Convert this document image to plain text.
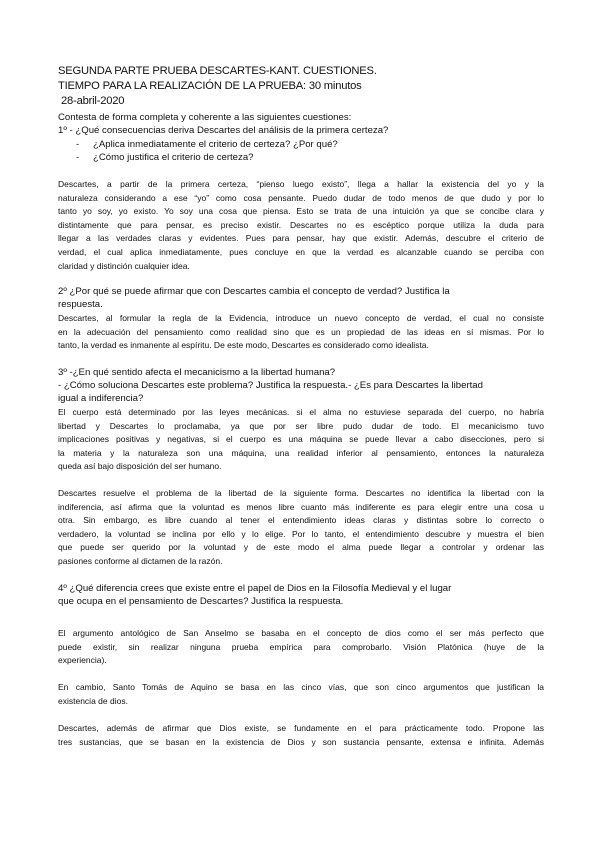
SEGUNDA PARTE PRUEBA DESCARTES-KANT. CUESTIONES.
TIEMPO PARA LA REALIZACIÓN DE LA PRUEBA: 30 minutos
28-abril-2020
Contesta de forma completa y coherente a las siguientes cuestiones:
1º - ¿Qué consecuencias deriva Descartes del análisis de la primera certeza?
- ¿Aplica inmediatamente el criterio de certeza? ¿Por qué?
- ¿Cómo justifica el criterio de certeza?
Descartes, a partir de la primera certeza, “pienso luego existo”, llega a hallar la existencia del yo y la
naturaleza considerando a ese “yo” como cosa pensante. Puedo dudar de todo menos de que dudo y por lo
tanto yo soy, yo existo. Yo soy una cosa que piensa. Esto se trata de una intuición ya que se concibe clara y
distintamente que para pensar, es preciso existir. Descartes no es escéptico porque utiliza la duda para
llegar a las verdades claras y evidentes. Pues para pensar, hay que existir. Además, descubre el criterio de
verdad, el cual aplica inmediatamente, pues concluye en que la verdad es alcanzable cuando se perciba con
claridad y distinción cualquier idea.
2º ¿Por qué se puede afirmar que con Descartes cambia el concepto de verdad? Justifica la
respuesta.
Descartes, al formular la regla de la Evidencia, introduce un nuevo concepto de verdad, el cual no consiste
en la adecuación del pensamiento como realidad sino que es un propiedad de las ideas en sí mismas. Por lo
tanto, la verdad es inmanente al espíritu. De este modo, Descartes es considerado como idealista.
3º -¿En qué sentido afecta el mecanicismo a la libertad humana?
- ¿Cómo soluciona Descartes este problema? Justifica la respuesta.- ¿Es para Descartes la libertad
igual a indiferencia?
El cuerpo está determinado por las leyes mecánicas. si el alma no estuviese separada del cuerpo, no habría
libertad y Descartes lo proclamaba, ya que por ser libre pudo dudar de todo. El mecanicismo tuvo
implicaciones positivas y negativas, si el cuerpo es una máquina se puede llevar a cabo disecciones, pero si
la materia y la naturaleza son una máquina, una realidad inferior al pensamiento, entonces la naturaleza
queda así bajo disposición del ser humano.
Descartes resuelve el problema de la libertad de la siguiente forma. Descartes no identifica la libertad con la
indiferencia, así afirma que la voluntad es menos libre cuanto más indiferente es para elegir entre una cosa u
otra. Sin embargo, es libre cuando al tener el entendimiento ideas claras y distintas sobre lo correcto o
verdadero, la voluntad se inclina por ello y lo elige. Por lo tanto, el entendimiento descubre y muestra el bien
que puede ser querido por la voluntad y de este modo el alma puede llegar a controlar y ordenar las
pasiones conforme al dictamen de la razón.
4º ¿Qué diferencia crees que existe entre el papel de Dios en la Filosofía Medieval y el lugar
que ocupa en el pensamiento de Descartes? Justifica la respuesta.
El argumento antológico de San Anselmo se basaba en el concepto de dios como el ser más perfecto que
puede existir, sin realizar ninguna prueba empírica para comprobarlo. Visión Platónica (huye de la
experiencia).
En cambio, Santo Tomás de Aquino se basa en las cinco vías, que son cinco argumentos que justifican la
existencia de dios.
Descartes, además de afirmar que Dios existe, se fundamente en el para prácticamente todo. Propone las
tres sustancias, que se basan en la existencia de Dios y son sustancia pensante, extensa e infinita. Además
